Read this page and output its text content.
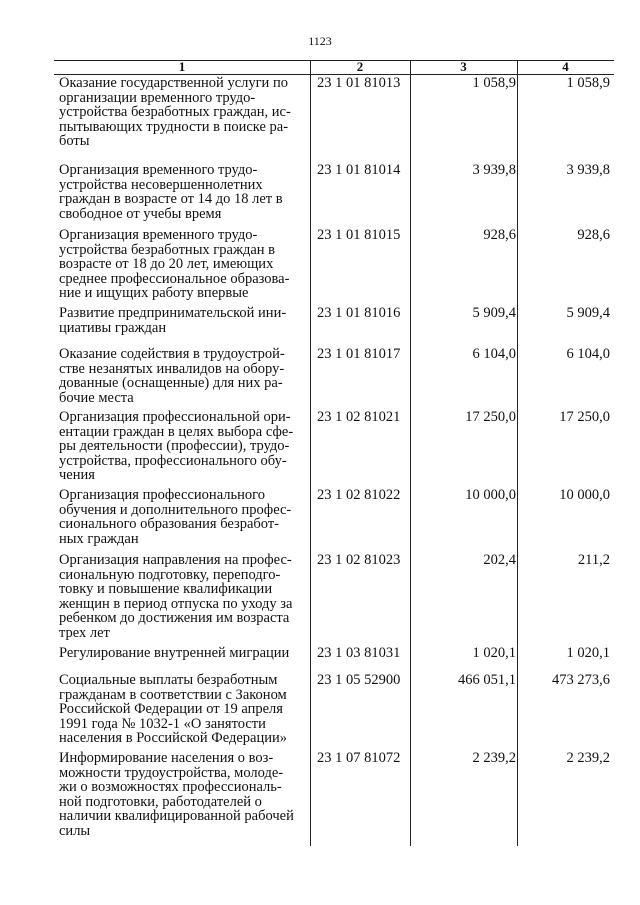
1123
1	2	3	4
Оказание государственной услуги по
организации временного трудо-
устройства безработных граждан, ис-
пытывающих трудности в поиске ра-
боты
23 1 01 81013	1 058,9	1 058,9
Организация временного трудо-
устройства несовершеннолетних
граждан в возрасте от 14 до 18 лет в
свободное от учебы время
23 1 01 81014	3 939,8	3 939,8
Организация временного трудо-
устройства безработных граждан в
возрасте от 18 до 20 лет, имеющих
среднее профессиональное образова-
ние и ищущих работу впервые
23 1 01 81015	928,6	928,6
Развитие предпринимательской ини-
циативы граждан
23 1 01 81016	5 909,4	5 909,4
Оказание содействия в трудоустрой-
стве незанятых инвалидов на обору-
дованные (оснащенные) для них ра-
бочие места
23 1 01 81017	6 104,0	6 104,0
Организация профессиональной ори-
ентации граждан в целях выбора сфе-
ры деятельности (профессии), трудо-
устройства, профессионального обу-
чения
23 1 02 81021	17 250,0	17 250,0
Организация профессионального
обучения и дополнительного профес-
сионального образования безработ-
ных граждан
23 1 02 81022	10 000,0	10 000,0
Организация направления на профес-
сиональную подготовку, переподго-
товку и повышение квалификации
женщин в период отпуска по уходу за
ребенком до достижения им возраста
трех лет
23 1 02 81023	202,4	211,2
Регулирование внутренней миграции	23 1 03 81031	1 020,1	1 020,1
Социальные выплаты безработным
гражданам в соответствии с Законом
Российской Федерации от 19 апреля
1991 года № 1032-1 «О занятости
населения в Российской Федерации»
23 1 05 52900	466 051,1	473 273,6
Информирование населения о воз-
можности трудоустройства, молоде-
жи о возможностях профессиональ-
ной подготовки, работодателей о
наличии квалифицированной рабочей
силы
23 1 07 81072	2 239,2	2 239,2
